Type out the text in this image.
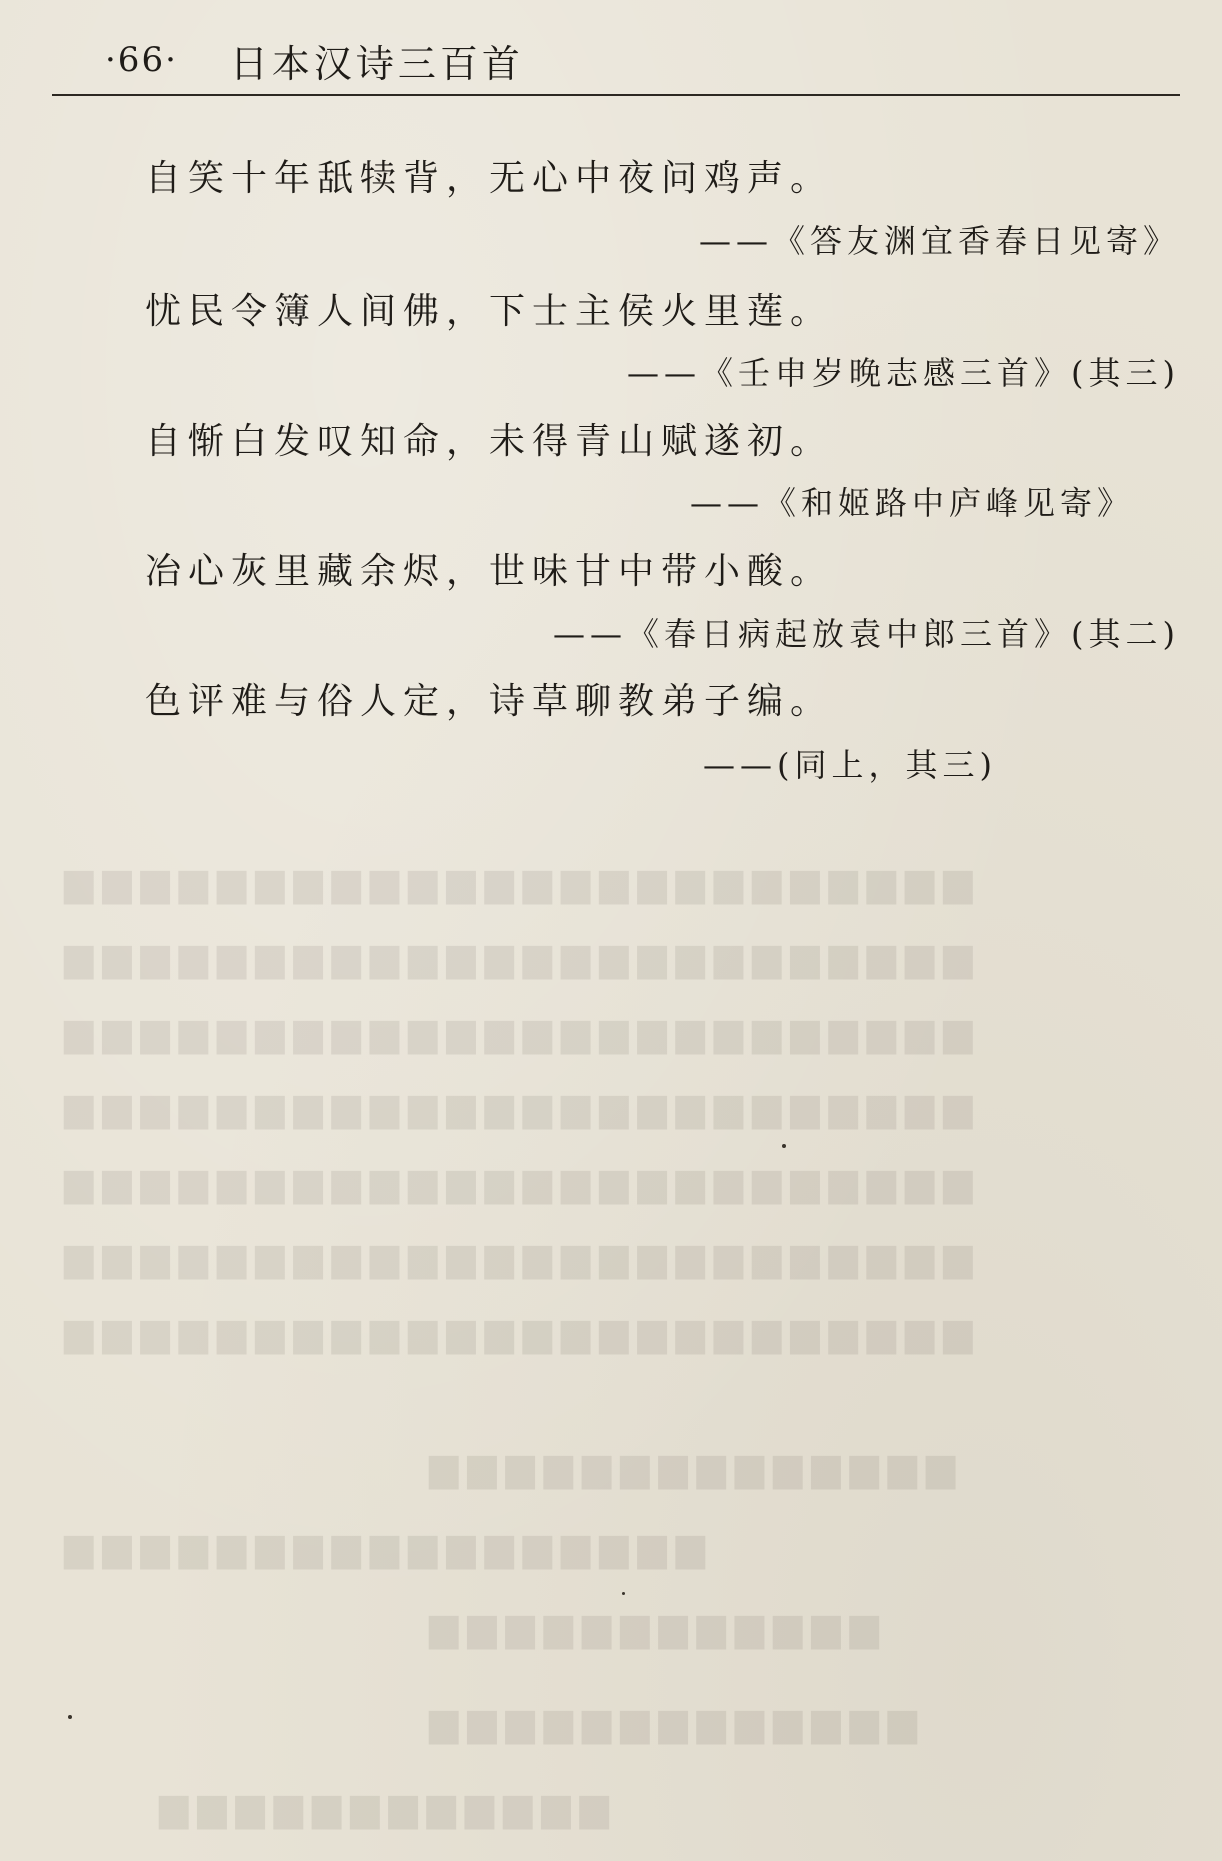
▆▆▆▆▆▆▆▆▆▆▆▆▆▆▆▆▆▆▆▆▆▆▆▆
▆▆▆▆▆▆▆▆▆▆▆▆▆▆▆▆▆▆▆▆▆▆▆▆
▆▆▆▆▆▆▆▆▆▆▆▆▆▆▆▆▆▆▆▆▆▆▆▆
▆▆▆▆▆▆▆▆▆▆▆▆▆▆▆▆▆▆▆▆▆▆▆▆
▆▆▆▆▆▆▆▆▆▆▆▆▆▆▆▆▆▆▆▆▆▆▆▆
▆▆▆▆▆▆▆▆▆▆▆▆▆▆▆▆▆▆▆▆▆▆▆▆
▆▆▆▆▆▆▆▆▆▆▆▆▆▆▆▆▆▆▆▆▆▆▆▆
▆▆▆▆▆▆▆▆▆▆▆▆▆▆
▆▆▆▆▆▆▆▆▆▆▆▆▆▆▆▆▆
▆▆▆▆▆▆▆▆▆▆▆▆
▆▆▆▆▆▆▆▆▆▆▆▆▆
▆▆▆▆▆▆▆▆▆▆▆▆
·66· 日本汉诗三百首
自笑十年舐犊背，无心中夜问鸡声。
——《答友渊宜香春日见寄》
忧民令簿人间佛，下士主侯火里莲。
——《壬申岁晚志感三首》(其三)
自惭白发叹知命，未得青山赋遂初。
——《和姬路中庐峰见寄》
冶心灰里藏余烬，世味甘中带小酸。
——《春日病起放袁中郎三首》(其二)
色评难与俗人定，诗草聊教弟子编。
——(同上，其三)
